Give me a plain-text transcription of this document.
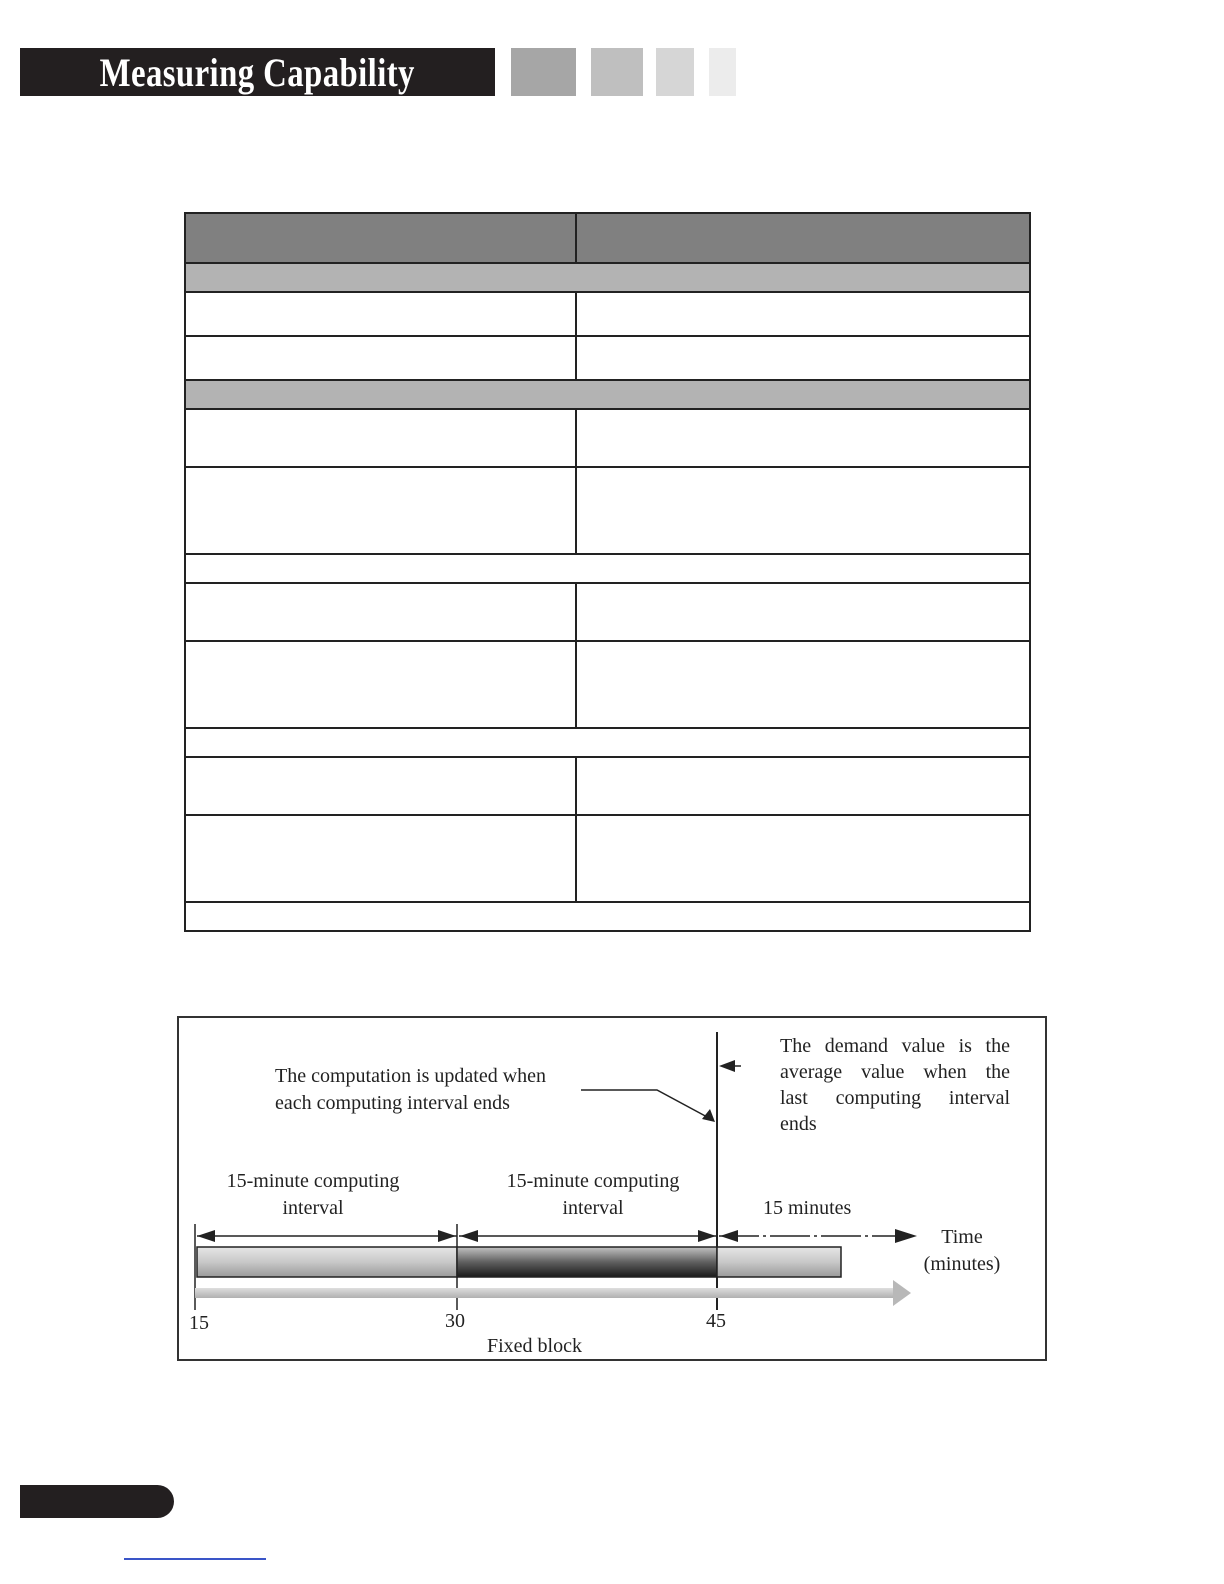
Measuring Capability

The computation is updated when
each computing interval ends
The demand value is the
average value when the
last computing interval
ends
15-minute computing
interval
15-minute computing
interval	15 minutes
Time
(minutes)
15	30	45
Fixed block
